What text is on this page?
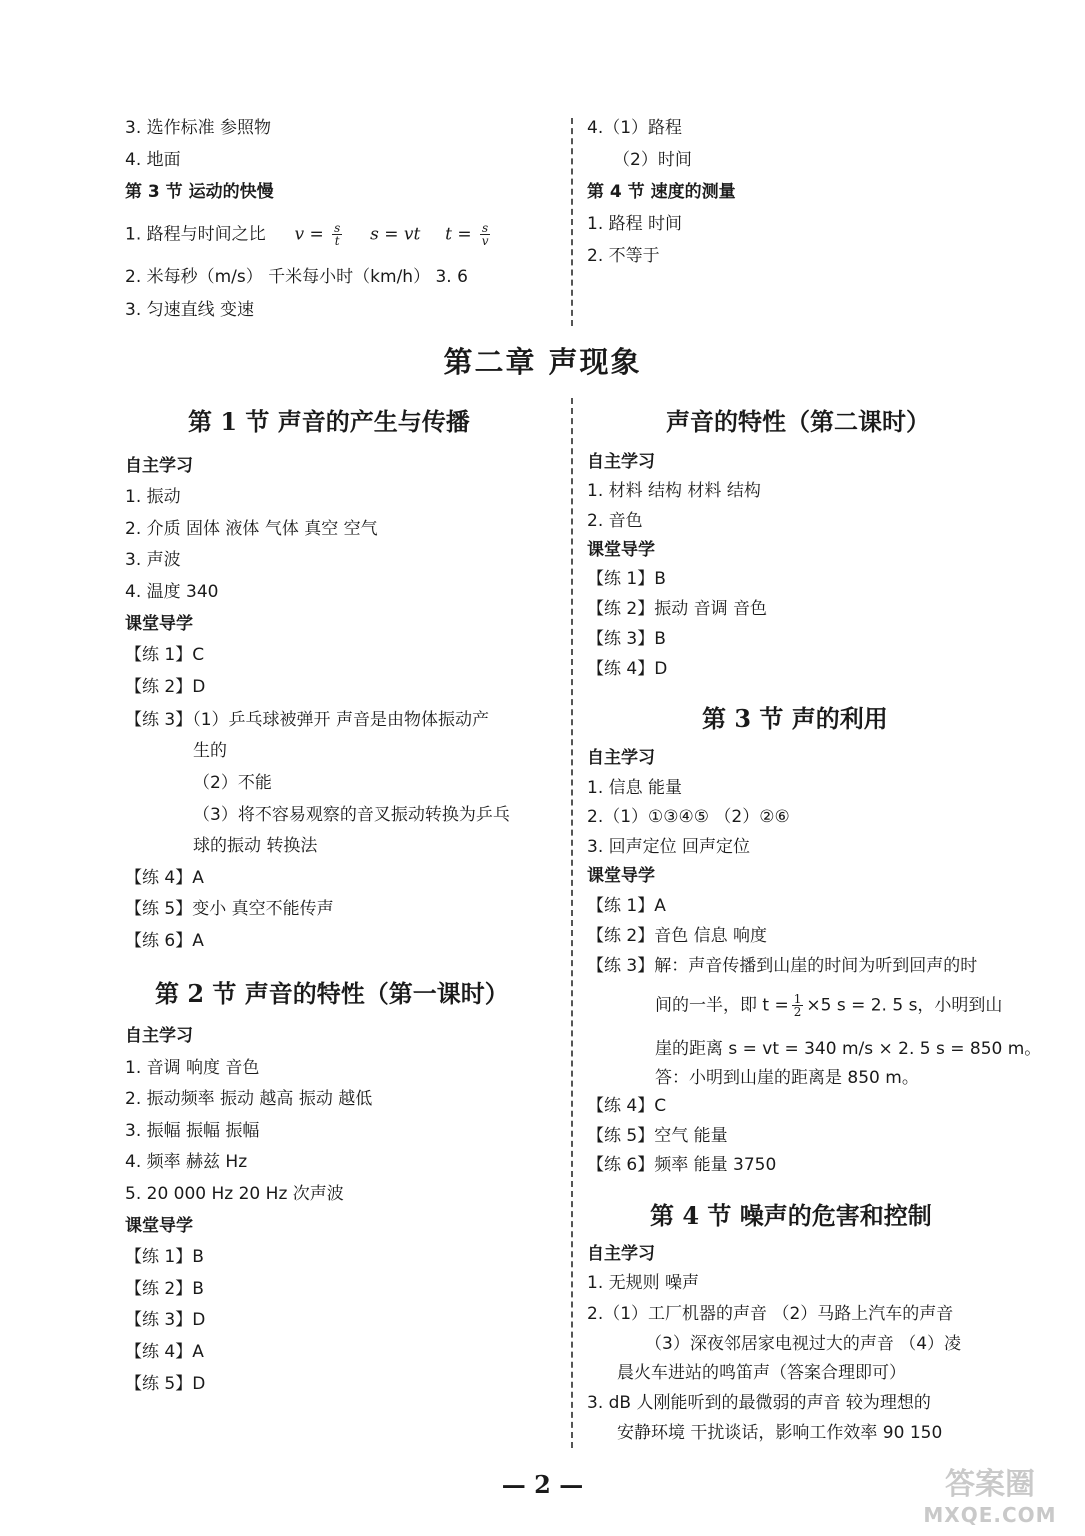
3. 选作标准 参照物
4. 地面
第 3 节 运动的快慢
1. 路程与时间之比 $v = \frac{s}{t}$ s = vt $t = \frac{s}{v}$
2. 米每秒（m/s） 千米每小时（km/h） 3. 6
3. 匀速直线 变速
4.（1）路程
（2）时间
第 4 节 速度的测量
1. 路程 时间
2. 不等于
第二章 声现象
第 1 节 声音的产生与传播
自主学习
1. 振动
2. 介质 固体 液体 气体 真空 空气
3. 声波
4. 温度 340
课堂导学
【练 1】C
【练 2】D
【练 3】（1）乒乓球被弹开 声音是由物体振动产
生的
（2）不能
（3）将不容易观察的音叉振动转换为乒乓
球的振动 转换法
【练 4】A
【练 5】变小 真空不能传声
【练 6】A
第 2 节 声音的特性（第一课时）
自主学习
1. 音调 响度 音色
2. 振动频率 振动 越高 振动 越低
3. 振幅 振幅 振幅
4. 频率 赫兹 Hz
5. 20 000 Hz 20 Hz 次声波
课堂导学
【练 1】B
【练 2】B
【练 3】D
【练 4】A
【练 5】D
声音的特性（第二课时）
自主学习
1. 材料 结构 材料 结构
2. 音色
课堂导学
【练 1】B
【练 2】振动 音调 音色
【练 3】B
【练 4】D
第 3 节 声的利用
自主学习
1. 信息 能量
2.（1）①③④⑤ （2）②⑥
3. 回声定位 回声定位
课堂导学
【练 1】A
【练 2】音色 信息 响度
【练 3】解：声音传播到山崖的时间为听到回声的时
间的一半，即 $t = \frac{1}{2} \times 5$ s = 2. 5 s，小明到山
崖的距离 s = vt = 340 m/s × 2. 5 s = 850 m。
答：小明到山崖的距离是 850 m。
【练 4】C
【练 5】空气 能量
【练 6】频率 能量 3750
第 4 节 噪声的危害和控制
自主学习
1. 无规则 噪声
2.（1）工厂机器的声音 （2）马路上汽车的声音
（3）深夜邻居家电视过大的声音 （4）凌
晨火车进站的鸣笛声（答案合理即可）
3. dB 人刚能听到的最微弱的声音 较为理想的
安静环境 干扰谈话，影响工作效率 90 150
— 2 —	答案圈
MXQE.COM
